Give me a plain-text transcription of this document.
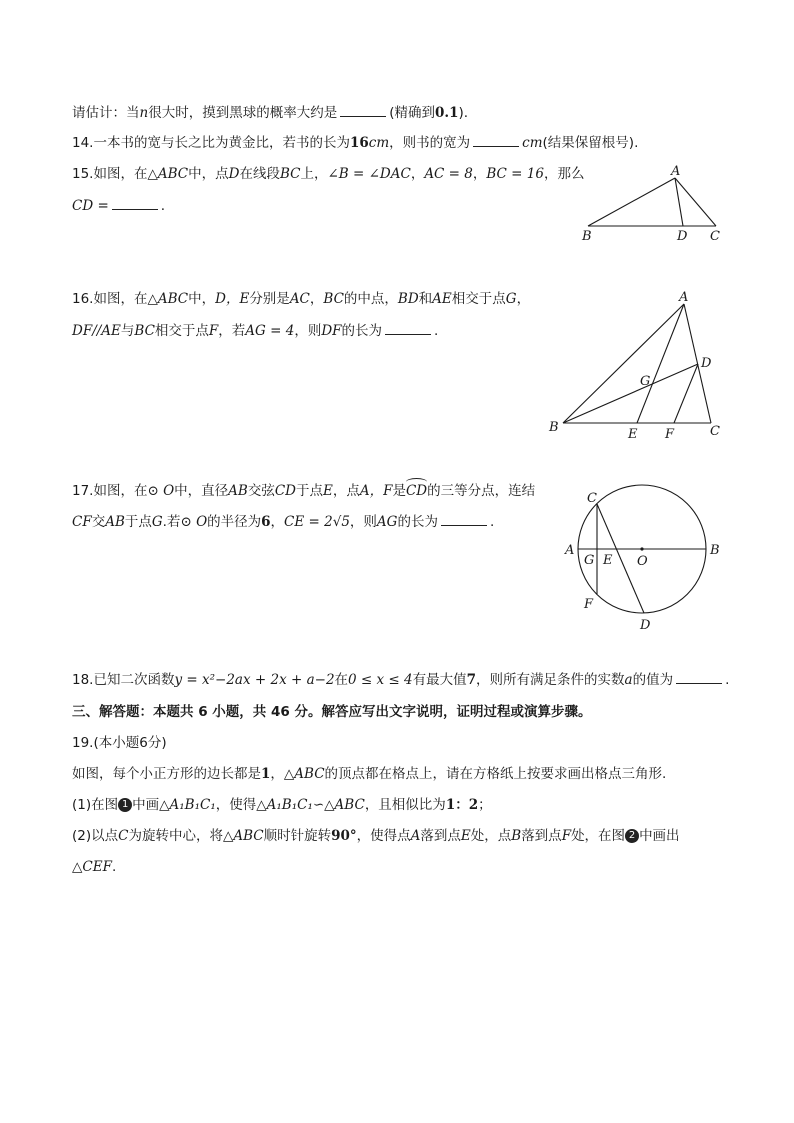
请估计：当n很大时，摸到黑球的概率大约是	(精确到0.1).
14.一本书的宽与长之比为黄金比，若书的长为16cm，则书的宽为	cm(结果保留根号).
15.如图，在△ABC中，点D在线段BC上，∠B = ∠DAC，AC = 8，BC = 16，那么
CD =	.
A
B	D C
16.如图，在△ABC中，D，E分别是AC，BC的中点，BD和AE相交于点G，
DF//AE与BC相交于点F，若AG = 4，则DF的长为	.
A
B	C
D
E F
G
17.如图，在⊙ O中，直径AB交弦CD于点E，点A，F是CD的三等分点，连结
CF交AB于点G.若⊙ O的半径为6，CE = 2√5，则AG的长为	.
A	B
C
D
E
F
G	O
18.已知二次函数y = x²−2ax + 2x + a−2在0 ≤ x ≤ 4有最大值7，则所有满足条件的实数a的值为	.
三、解答题：本题共 6 小题，共 46 分。解答应写出文字说明，证明过程或演算步骤。
19.(本小题6分)
如图，每个小正方形的边长都是1，△ABC的顶点都在格点上，请在方格纸上按要求画出格点三角形.
(1)在图 1 中画△A₁B₁C₁，使得△A₁B₁C₁∽△ABC，且相似比为1：2；
(2)以点C为旋转中心，将△ABC顺时针旋转90°，使得点A落到点E处，点B落到点F处，在图 2 中画出
△CEF.
